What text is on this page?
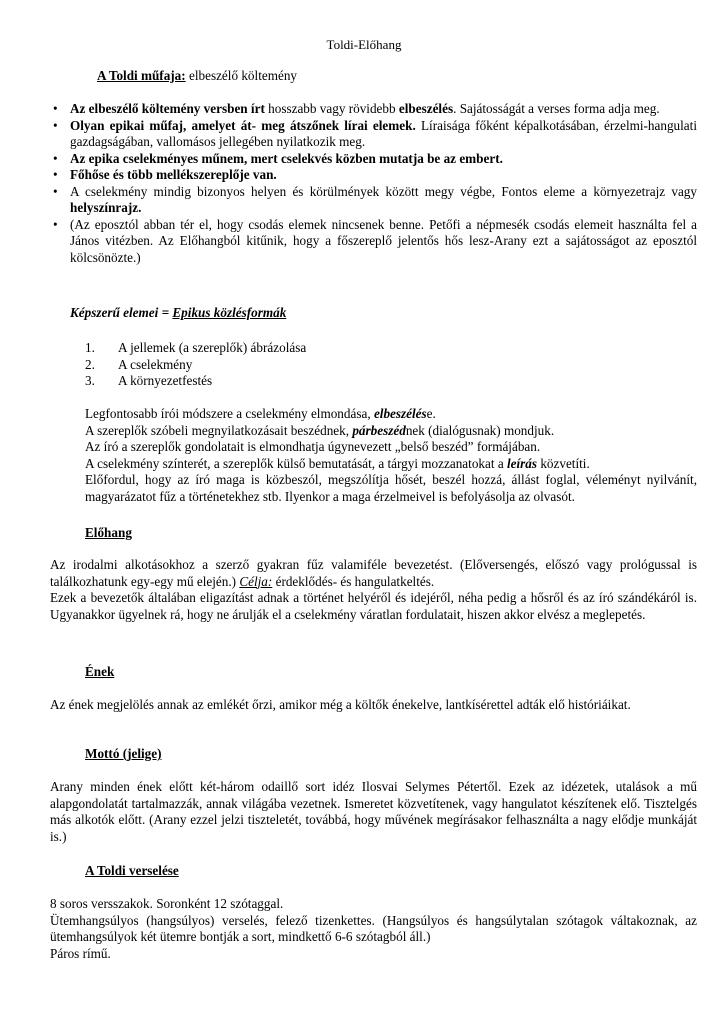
Toldi-Előhang
A Toldi műfaja: elbeszélő költemény
• Az elbeszélő költemény versben írt hosszabb vagy rövidebb elbeszélés. Sajátosságát a verses forma adja meg.
• Olyan epikai műfaj, amelyet át- meg átszőnek lírai elemek. Líraisága főként képalkotásában, érzelmi-hangulati gazdagságában, vallomásos jellegében nyilatkozik meg.
• Az epika cselekményes műnem, mert cselekvés közben mutatja be az embert.
• Főhőse és több mellékszereplője van.
• A cselekmény mindig bizonyos helyen és körülmények között megy végbe, Fontos eleme a környezetrajz vagy helyszínrajz.
• (Az eposztól abban tér el, hogy csodás elemek nincsenek benne. Petőfi a népmesék csodás elemeit használta fel a János vitézben. Az Előhangból kitűnik, hogy a főszereplő jelentős hős lesz-Arany ezt a sajátosságot az eposztól kölcsönözte.)
Képszerű elemei = Epikus közlésformák
1. A jellemek (a szereplők) ábrázolása
2. A cselekmény
3. A környezetfestés

Legfontosabb írói módszere a cselekmény elmondása, elbeszélése.

A szereplők szóbeli megnyilatkozásait beszédnek, párbeszédnek (dialógusnak) mondjuk.

Az író a szereplők gondolatait is elmondhatja úgynevezett „belső beszéd” formájában.

A cselekmény színterét, a szereplők külső bemutatását, a tárgyi mozzanatokat a leírás közvetíti.

Előfordul, hogy az író maga is közbeszól, megszólítja hősét, beszél hozzá, állást foglal, véleményt nyilvánít, magyarázatot fűz a történetekhez stb. Ilyenkor a maga érzelmeivel is befolyásolja az olvasót.

Előhang
Az irodalmi alkotásokhoz a szerző gyakran fűz valamiféle bevezetést. (Előversengés, előszó vagy prológussal is találkozhatunk egy-egy mű elején.) Célja: érdeklődés- és hangulatkeltés.
Ezek a bevezetők általában eligazítást adnak a történet helyéről és idejéről, néha pedig a hősről és az író szándékáról is. Ugyanakkor ügyelnek rá, hogy ne árulják el a cselekmény váratlan fordulatait, hiszen akkor elvész a meglepetés.
Ének
Az ének megjelölés annak az emlékét őrzi, amikor még a költők énekelve, lantkísérettel adták elő históriáikat.
Mottó (jelige)
Arany minden ének előtt két-három odaillő sort idéz Ilosvai Selymes Pétertől. Ezek az idézetek, utalások a mű alapgondolatát tartalmazzák, annak világába vezetnek. Ismeretet közvetítenek, vagy hangulatot készítenek elő. Tisztelgés más alkotók előtt. (Arany ezzel jelzi tiszteletét, továbbá, hogy művének megírásakor felhasználta a nagy elődje munkáját is.)
A Toldi verselése

8 soros versszakok. Soronként 12 szótaggal.

Ütemhangsúlyos (hangsúlyos) verselés, felező tizenkettes. (Hangsúlyos és hangsúlytalan szótagok váltakoznak, az ütemhangsúlyok két ütemre bontják a sort, mindkettő 6-6 szótagból áll.)

Páros rímű.
